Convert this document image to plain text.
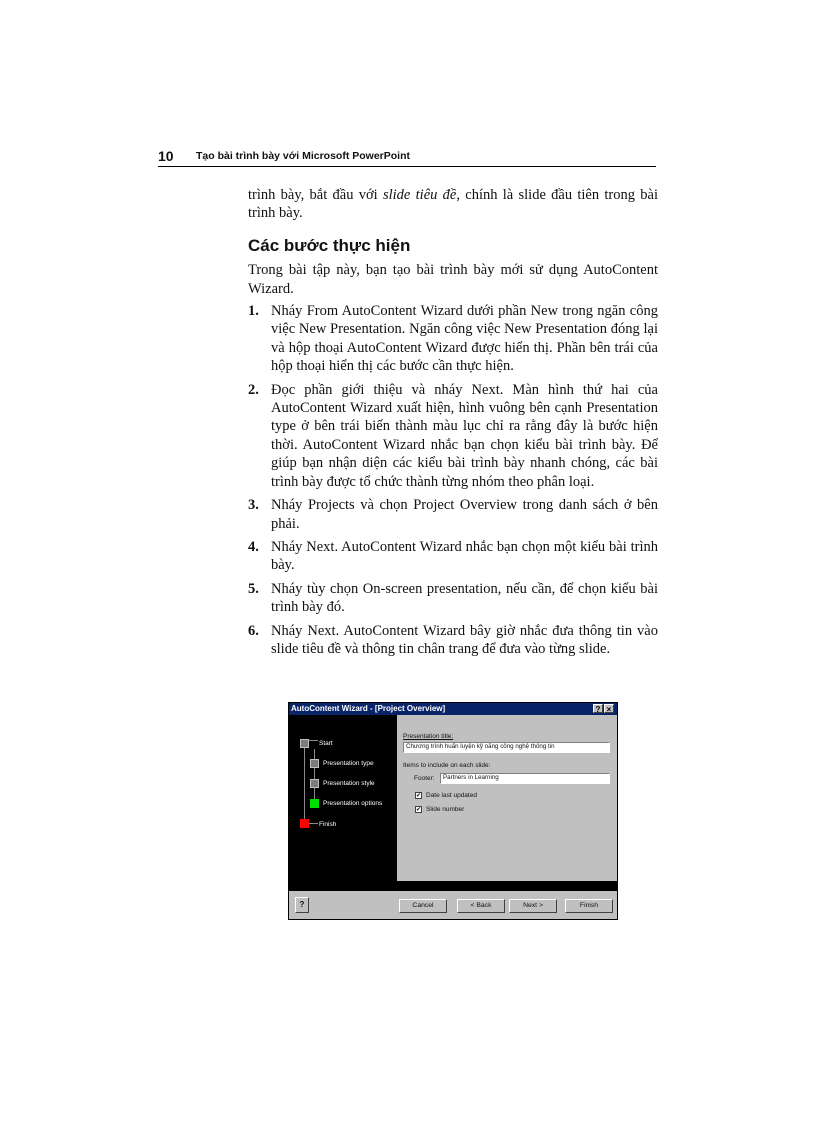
10 Tạo bài trình bày với Microsoft PowerPoint

trình bày, bắt đầu với slide tiêu đề, chính là slide đầu tiên trong bài trình bày.

Các bước thực hiện

Trong bài tập này, bạn tạo bài trình bày mới sử dụng AutoContent Wizard.

1. Nháy From AutoContent Wizard dưới phần New trong ngăn công việc New Presentation. Ngăn công việc New Presentation đóng lại và hộp thoại AutoContent Wizard được hiển thị. Phần bên trái của hộp thoại hiển thị các bước cần thực hiện.
2. Đọc phần giới thiệu và nháy Next. Màn hình thứ hai của AutoContent Wizard xuất hiện, hình vuông bên cạnh Presentation type ở bên trái biến thành màu lục chỉ ra rằng đây là bước hiện thời. AutoContent Wizard nhắc bạn chọn kiểu bài trình bày. Để giúp bạn nhận diện các kiểu bài trình bày nhanh chóng, các bài trình bày được tổ chức thành từng nhóm theo phân loại.
3. Nháy Projects và chọn Project Overview trong danh sách ở bên phải.
4. Nháy Next. AutoContent Wizard nhắc bạn chọn một kiểu bài trình bày.
5. Nháy tùy chọn On-screen presentation, nếu cần, để chọn kiểu bài trình bày đó.
6. Nháy Next. AutoContent Wizard bây giờ nhắc đưa thông tin vào slide tiêu đề và thông tin chân trang để đưa vào từng slide.
AutoContent Wizard - [Project Overview]	? ×
Start
Presentation type
Presentation style
Presentation options
Finish
Presentation title:
Chương trình huấn luyện kỹ năng công nghệ thông tin
Items to include on each slide:
Footer:	Partners in Learning
✔ Date last updated
✔ Slide number
?	Cancel	< Back	Next >	Finish
